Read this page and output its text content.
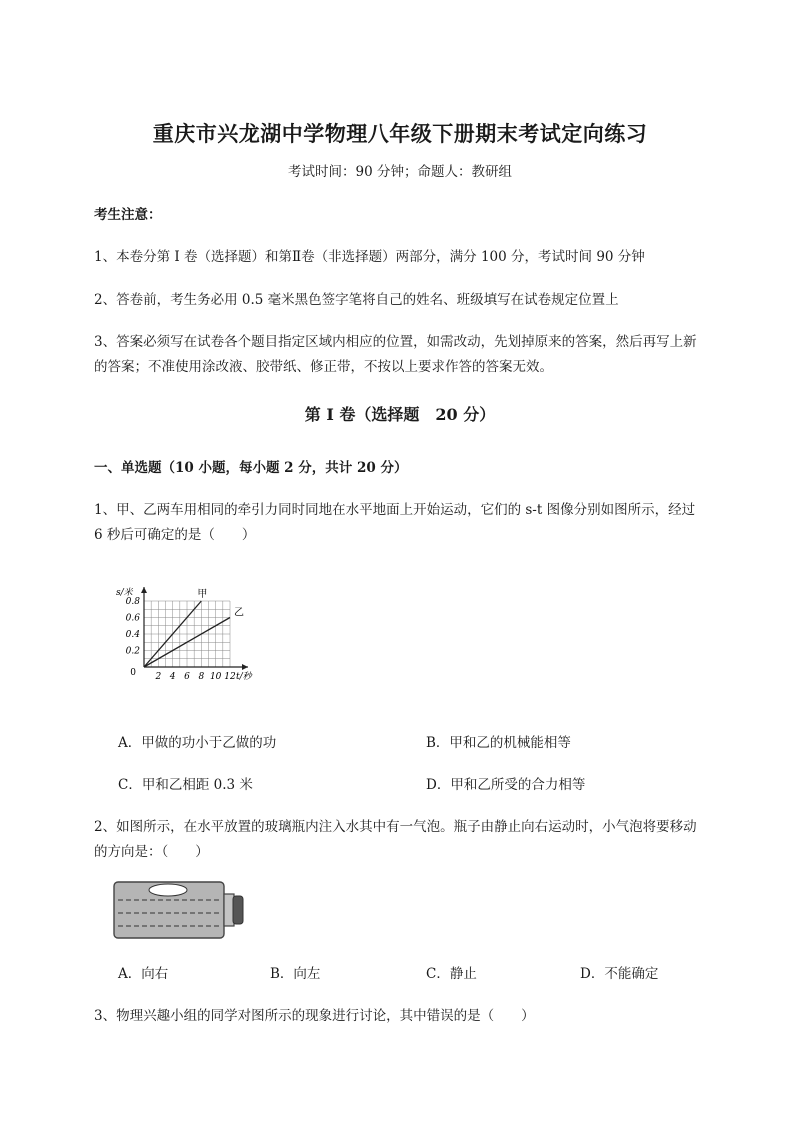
重庆市兴龙湖中学物理八年级下册期末考试定向练习
考试时间：90 分钟；命题人：教研组
考生注意：
1、本卷分第 I 卷（选择题）和第Ⅱ卷（非选择题）两部分，满分 100 分，考试时间 90 分钟
2、答卷前，考生务必用 0.5 毫米黑色签字笔将自己的姓名、班级填写在试卷规定位置上
3、答案必须写在试卷各个题目指定区域内相应的位置，如需改动，先划掉原来的答案，然后再写上新
的答案；不准使用涂改液、胶带纸、修正带，不按以上要求作答的答案无效。
第 I 卷（选择题　20 分）
一、单选题（10 小题，每小题 2 分，共计 20 分）
1、甲、乙两车用相同的牵引力同时同地在水平地面上开始运动，它们的 s-t 图像分别如图所示，经过
6 秒后可确定的是（　　）
2 4 6 8 10 12
0.2
0.4
0.6
0.8
0	t/秒
s/米	甲
乙
A．甲做的功小于乙做的功	B．甲和乙的机械能相等
C．甲和乙相距 0.3 米	D．甲和乙所受的合力相等
2、如图所示，在水平放置的玻璃瓶内注入水其中有一气泡。瓶子由静止向右运动时，小气泡将要移动
的方向是：（　　）
A．向右	B．向左	C．静止	D．不能确定
3、物理兴趣小组的同学对图所示的现象进行讨论，其中错误的是（　　）
